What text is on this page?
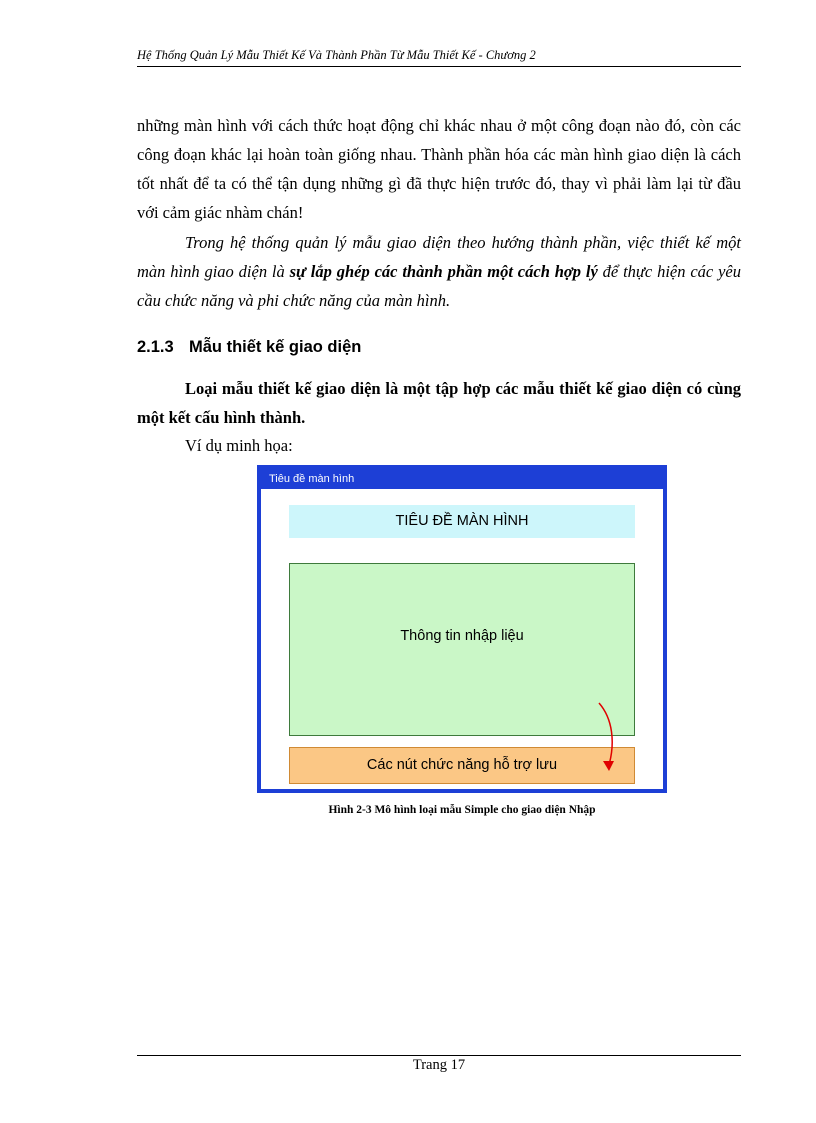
Hệ Thống Quản Lý Mẫu Thiết Kế Và Thành Phần Từ Mẫu Thiết Kế - Chương 2
những màn hình với cách thức hoạt động chỉ khác nhau ở một công đoạn nào đó, còn các công đoạn khác lại hoàn toàn giống nhau. Thành phần hóa các màn hình giao diện là cách tốt nhất để ta có thể tận dụng những gì đã thực hiện trước đó, thay vì phải làm lại từ đầu với cảm giác nhàm chán!
Trong hệ thống quản lý mẫu giao diện theo hướng thành phần, việc thiết kế một màn hình giao diện là sự lắp ghép các thành phần một cách hợp lý để thực hiện các yêu cầu chức năng và phi chức năng của màn hình.
2.1.3 Mẫu thiết kế giao diện
Loại mẫu thiết kế giao diện là một tập hợp các mẫu thiết kế giao diện có cùng một kết cấu hình thành.
Ví dụ minh họa:
Tiêu đề màn hình
TIÊU ĐỀ MÀN HÌNH
Thông tin nhập liệu
Các nút chức năng hỗ trợ lưu
Hình 2-3 Mô hình loại mẫu Simple cho giao diện Nhập
Trang 17
